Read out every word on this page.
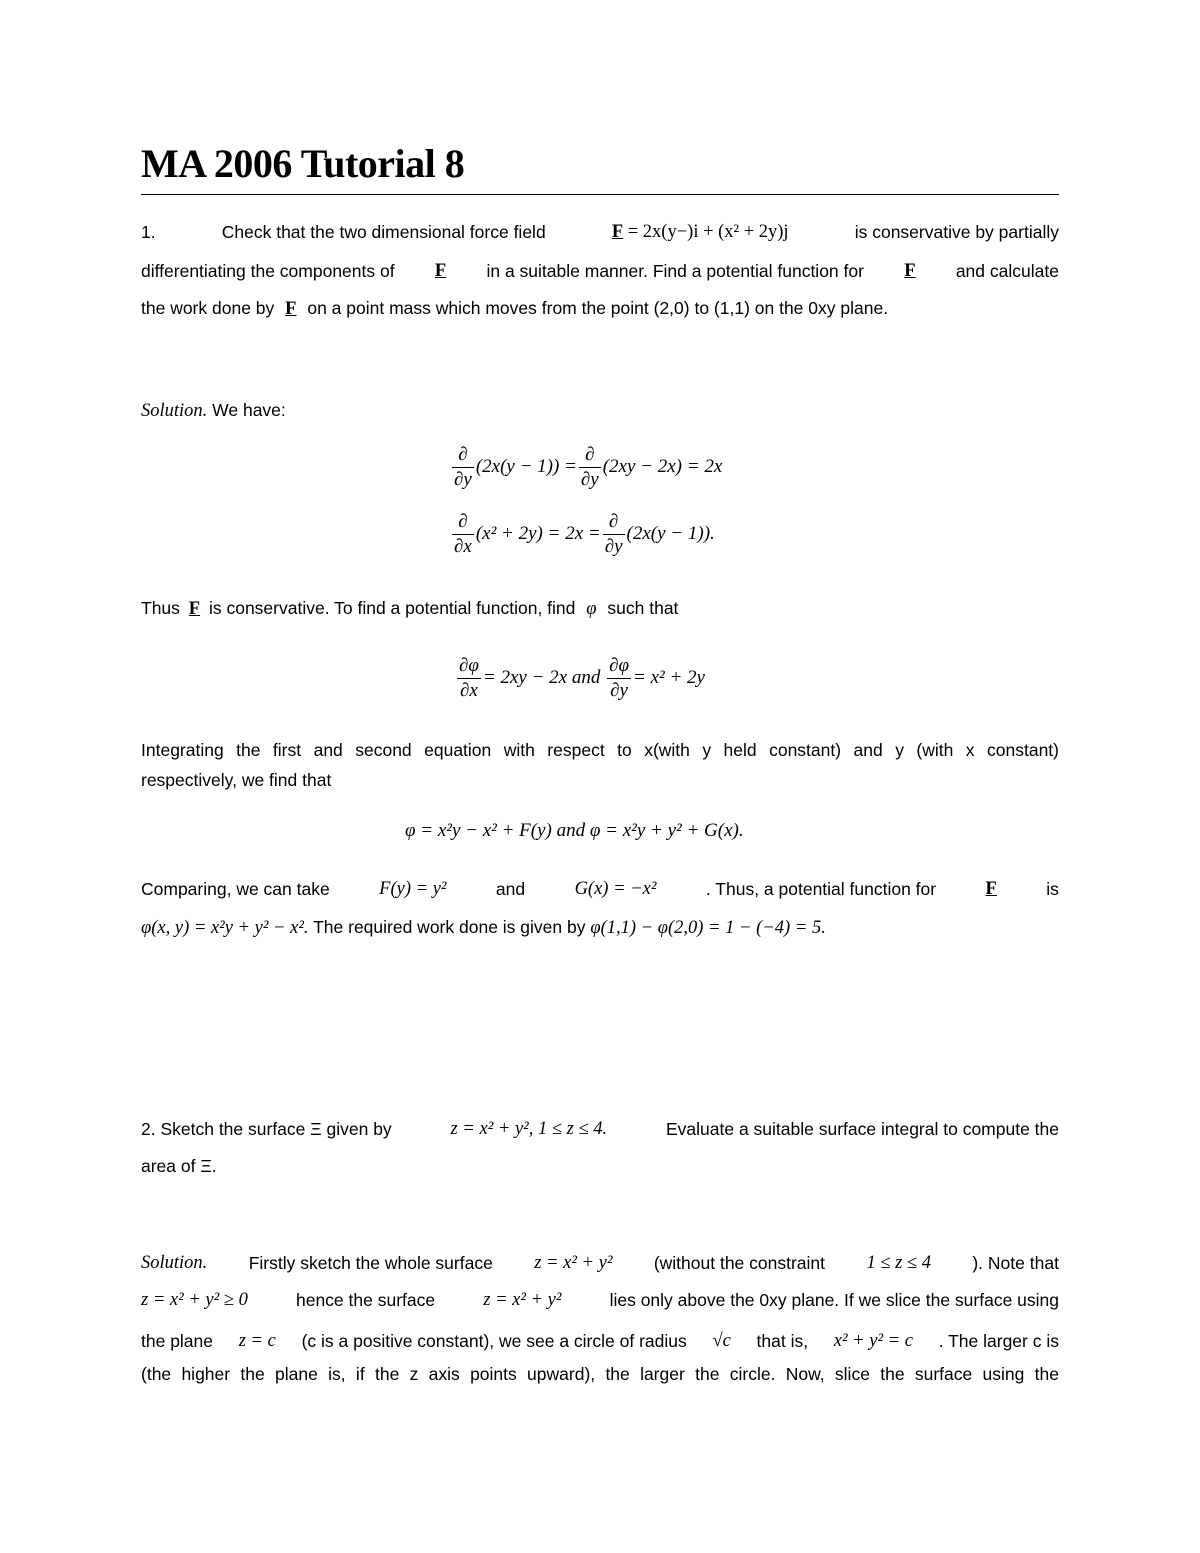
MA 2006 Tutorial 8
1.	Check that the two dimensional force field	F = 2x(y−)i + (x² + 2y)j	is conservative by partially
differentiating the components of F in a suitable manner. Find a potential function for F and calculate
the work done by F on a point mass which moves from the point (2,0) to (1,1) on the 0xy plane.
Solution. We have:
$\frac{\partial}{\partial y} (2x(y - 1)) = \frac{\partial}{\partial y} (2xy - 2x) = 2x$
$\frac{\partial}{\partial x} (x^2 + 2y) = 2x = \frac{\partial}{\partial y} (2x(y - 1))$.
Thus F is conservative. To find a potential function, find φ such that
$\frac{\partial\varphi}{\partial x} = 2xy - 2x$ and $\frac{\partial\varphi}{\partial y} = x^2 + 2y$
Integrating the first and second equation with respect to x(with y held constant) and y (with x constant)
respectively, we find that
φ = x²y − x² + F(y) and φ = x²y + y² + G(x).
Comparing, we can take	F(y) = y²	and	G(x) = −x²	. Thus, a potential function for	F	is
φ(x, y) = x²y + y² − x². The required work done is given by φ(1,1) − φ(2,0) = 1 − (−4) = 5.
2. Sketch the surface Ξ given by	z = x² + y², 1 ≤ z ≤ 4.	Evaluate a suitable surface integral to compute the
area of Ξ.
Solution. Firstly sketch the whole surface z = x² + y² (without the constraint 1 ≤ z ≤ 4 ). Note that
z = x² + y² ≥ 0	hence the surface	z = x² + y²	lies only above the 0xy plane. If we slice the surface using
the plane z = c (c is a positive constant), we see a circle of radius √c that is, x² + y² = c . The larger c is
(the higher the plane is, if the z axis points upward), the larger the circle. Now, slice the surface using the
